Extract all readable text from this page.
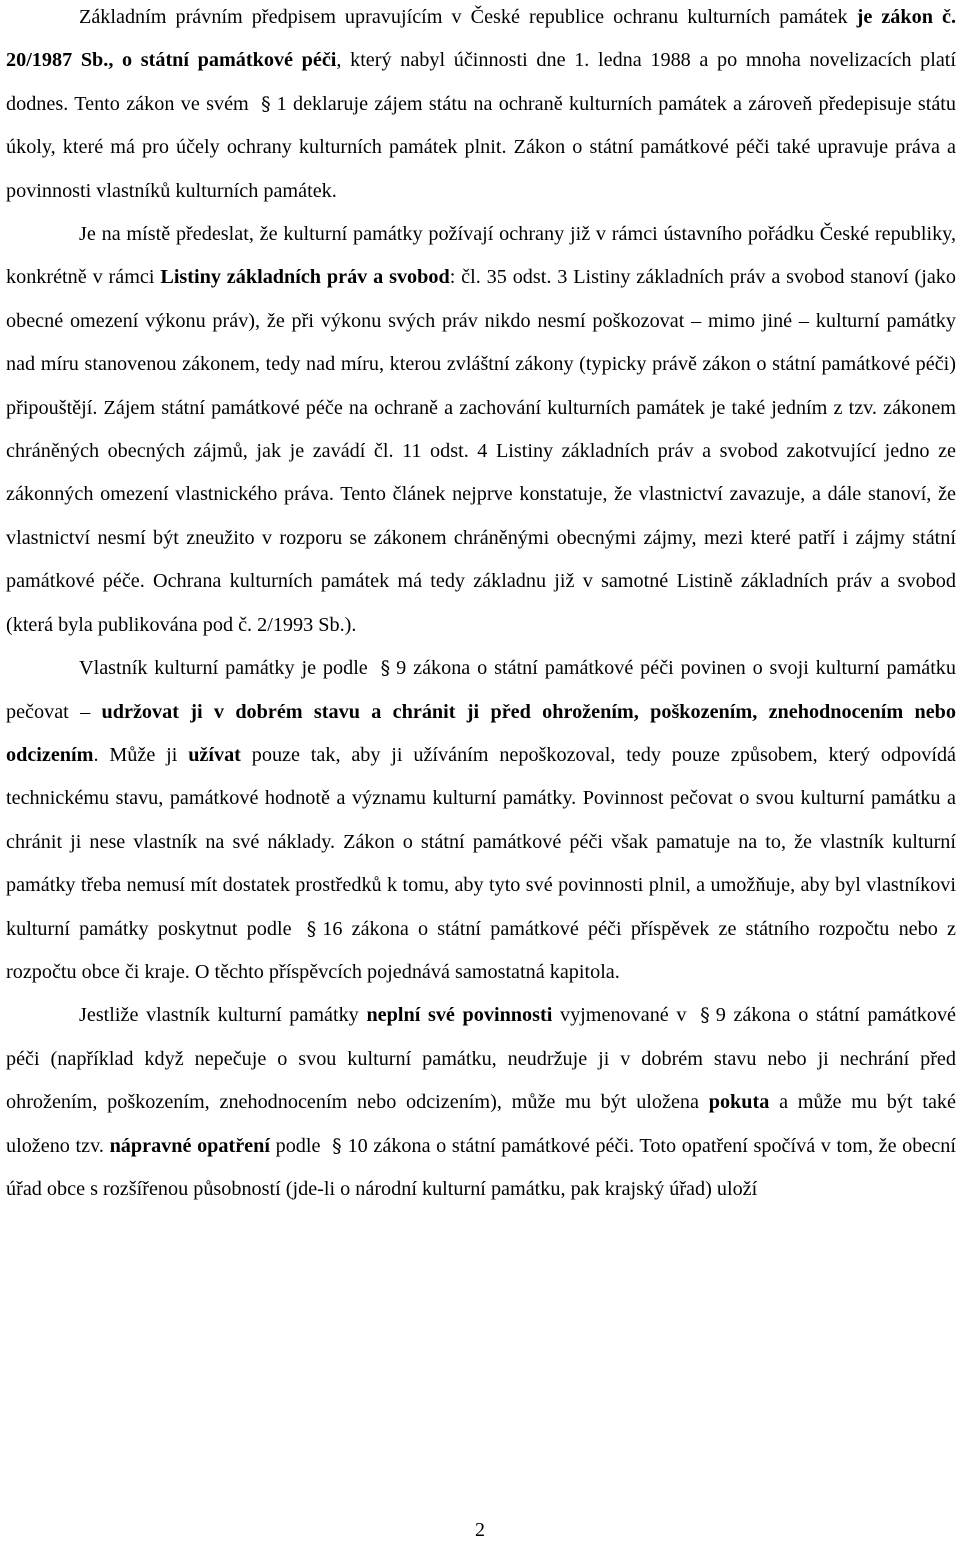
Základním právním předpisem upravujícím v České republice ochranu kulturních památek je zákon č. 20/1987 Sb., o státní památkové péči, který nabyl účinnosti dne 1. ledna 1988 a po mnoha novelizacích platí dodnes. Tento zákon ve svém § 1 deklaruje zájem státu na ochraně kulturních památek a zároveň předepisuje státu úkoly, které má pro účely ochrany kulturních památek plnit. Zákon o státní památkové péči také upravuje práva a povinnosti vlastníků kulturních památek.

Je na místě předeslat, že kulturní památky požívají ochrany již v rámci ústavního pořádku České republiky, konkrétně v rámci Listiny základních práv a svobod: čl. 35 odst. 3 Listiny základních práv a svobod stanoví (jako obecné omezení výkonu práv), že při výkonu svých práv nikdo nesmí poškozovat – mimo jiné – kulturní památky nad míru stanovenou zákonem, tedy nad míru, kterou zvláštní zákony (typicky právě zákon o státní památkové péči) připouštějí. Zájem státní památkové péče na ochraně a zachování kulturních památek je také jedním z tzv. zákonem chráněných obecných zájmů, jak je zavádí čl. 11 odst. 4 Listiny základních práv a svobod zakotvující jedno ze zákonných omezení vlastnického práva. Tento článek nejprve konstatuje, že vlastnictví zavazuje, a dále stanoví, že vlastnictví nesmí být zneužito v rozporu se zákonem chráněnými obecnými zájmy, mezi které patří i zájmy státní památkové péče. Ochrana kulturních památek má tedy základnu již v samotné Listině základních práv a svobod (která byla publikována pod č. 2/1993 Sb.).

Vlastník kulturní památky je podle § 9 zákona o státní památkové péči povinen o svoji kulturní památku pečovat – udržovat ji v dobrém stavu a chránit ji před ohrožením, poškozením, znehodnocením nebo odcizením. Může ji užívat pouze tak, aby ji užíváním nepoškozoval, tedy pouze způsobem, který odpovídá technickému stavu, památkové hodnotě a významu kulturní památky. Povinnost pečovat o svou kulturní památku a chránit ji nese vlastník na své náklady. Zákon o státní památkové péči však pamatuje na to, že vlastník kulturní památky třeba nemusí mít dostatek prostředků k tomu, aby tyto své povinnosti plnil, a umožňuje, aby byl vlastníkovi kulturní památky poskytnut podle § 16 zákona o státní památkové péči příspěvek ze státního rozpočtu nebo z rozpočtu obce či kraje. O těchto příspěvcích pojednává samostatná kapitola.

Jestliže vlastník kulturní památky neplní své povinnosti vyjmenované v § 9 zákona o státní památkové péči (například když nepečuje o svou kulturní památku, neudržuje ji v dobrém stavu nebo ji nechrání před ohrožením, poškozením, znehodnocením nebo odcizením), může mu být uložena pokuta a může mu být také uloženo tzv. nápravné opatření podle § 10 zákona o státní památkové péči. Toto opatření spočívá v tom, že obecní úřad obce s rozšířenou působností (jde-li o národní kulturní památku, pak krajský úřad) uloží

2
